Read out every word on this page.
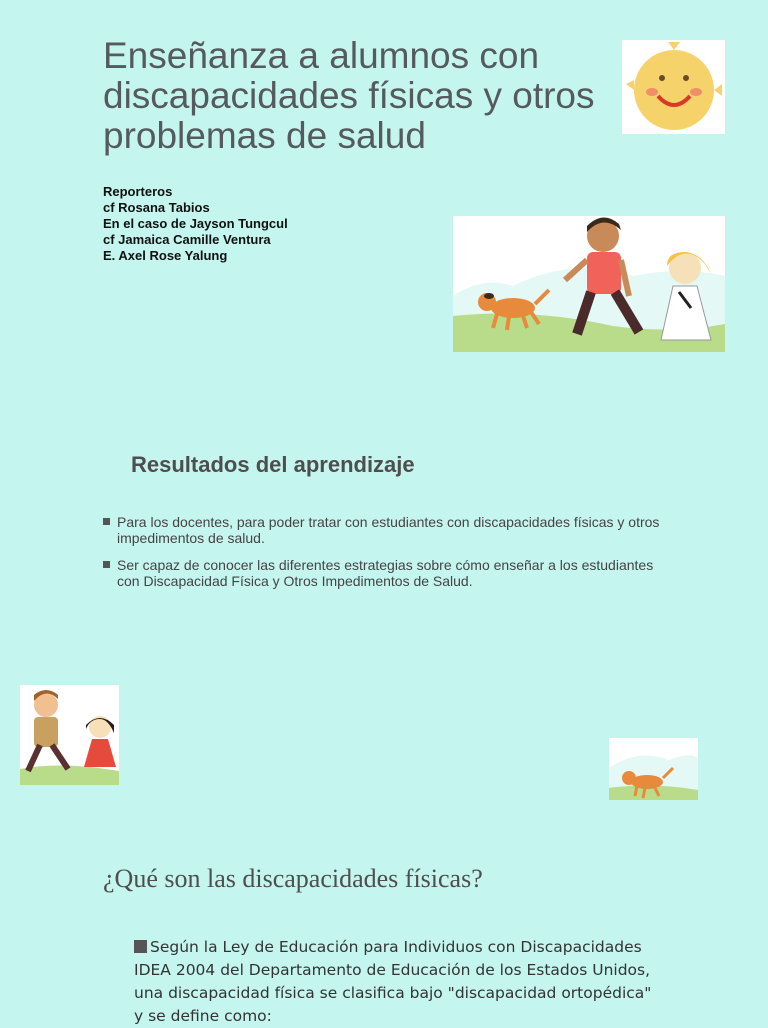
Enseñanza a alumnos con discapacidades físicas y otros problemas de salud
Reporteros
cf Rosana Tabios
En el caso de Jayson Tungcul
cf Jamaica Camille Ventura
E. Axel Rose Yalung
Resultados del aprendizaje
Para los docentes, para poder tratar con estudiantes con discapacidades físicas y otros impedimentos de salud.
Ser capaz de conocer las diferentes estrategias sobre cómo enseñar a los estudiantes con Discapacidad Física y Otros Impedimentos de Salud.
¿Qué son las discapacidades físicas?
Según la Ley de Educación para Individuos con Discapacidades IDEA 2004 del Departamento de Educación de los Estados Unidos, una discapacidad física se clasifica bajo "discapacidad ortopédica" y se define como:
